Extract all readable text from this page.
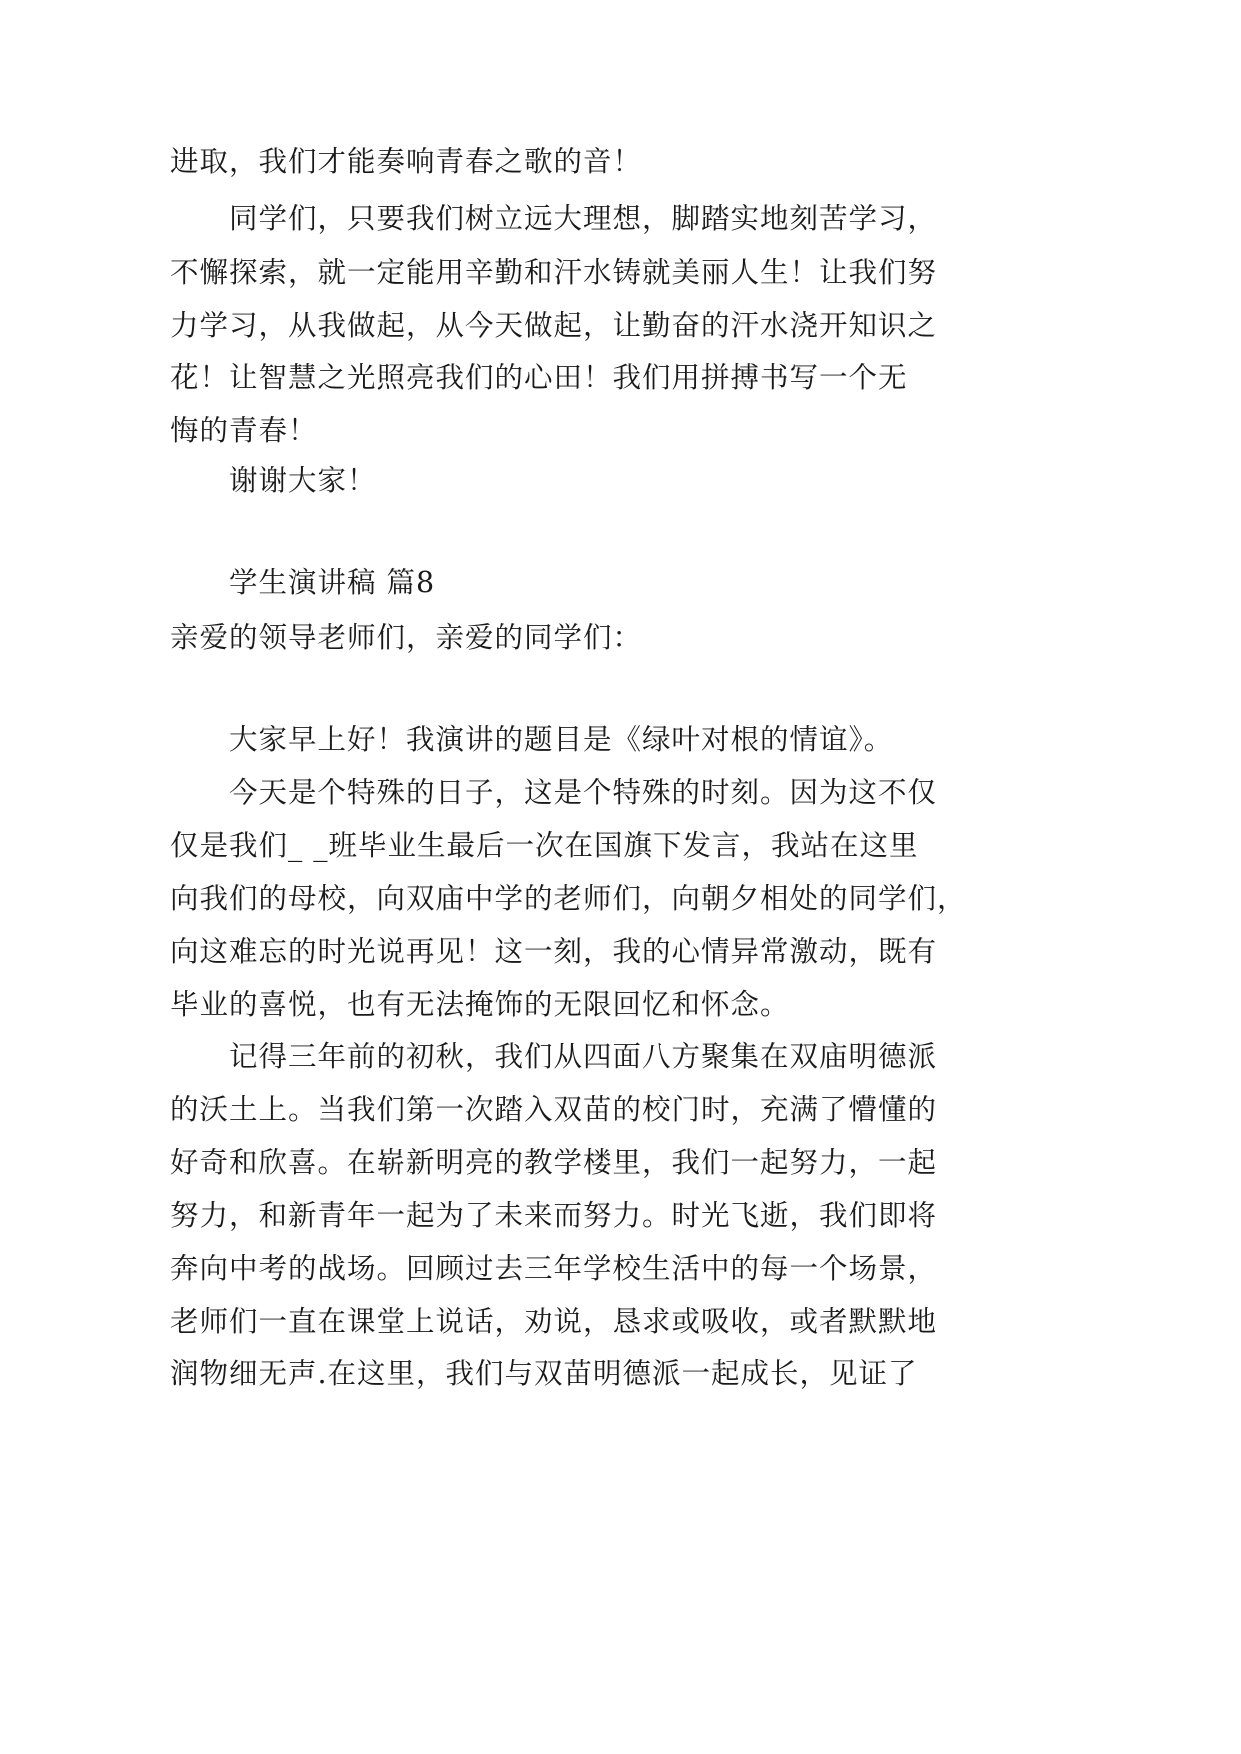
进取，我们才能奏响青春之歌的音！
同学们，只要我们树立远大理想，脚踏实地刻苦学习，
不懈探索，就一定能用辛勤和汗水铸就美丽人生！让我们努
力学习，从我做起，从今天做起，让勤奋的汗水浇开知识之
花！让智慧之光照亮我们的心田！我们用拼搏书写一个无
悔的青春！
谢谢大家！
学生演讲稿 篇8
亲爱的领导老师们，亲爱的同学们：
大家早上好！我演讲的题目是《绿叶对根的情谊》。
今天是个特殊的日子，这是个特殊的时刻。因为这不仅
仅是我们_ _班毕业生最后一次在国旗下发言，我站在这里
向我们的母校，向双庙中学的老师们，向朝夕相处的同学们，
向这难忘的时光说再见！这一刻，我的心情异常激动，既有
毕业的喜悦，也有无法掩饰的无限回忆和怀念。
记得三年前的初秋，我们从四面八方聚集在双庙明德派
的沃土上。当我们第一次踏入双苗的校门时，充满了懵懂的
好奇和欣喜。在崭新明亮的教学楼里，我们一起努力，一起
努力，和新青年一起为了未来而努力。时光飞逝，我们即将
奔向中考的战场。回顾过去三年学校生活中的每一个场景，
老师们一直在课堂上说话，劝说，恳求或吸收，或者默默地
润物细无声.在这里，我们与双苗明德派一起成长，见证了
